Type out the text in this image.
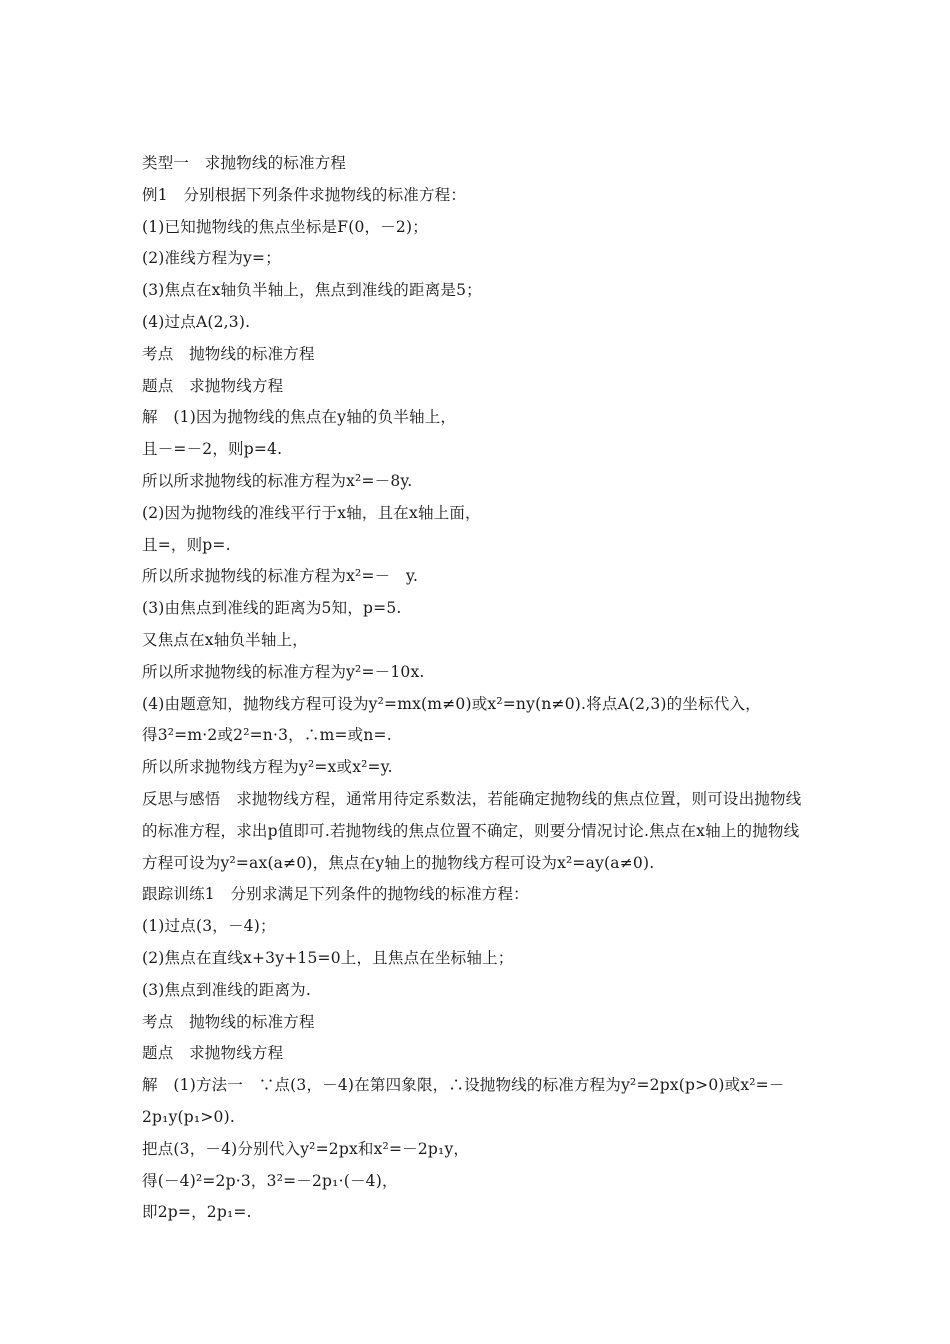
类型一　求抛物线的标准方程
例1　分别根据下列条件求抛物线的标准方程：
(1)已知抛物线的焦点坐标是F(0，－2)；
(2)准线方程为y=；
(3)焦点在x轴负半轴上，焦点到准线的距离是5；
(4)过点A(2,3).
考点　抛物线的标准方程
题点　求抛物线方程
解　(1)因为抛物线的焦点在y轴的负半轴上，
且－=－2，则p=4.
所以所求抛物线的标准方程为x²=－8y.
(2)因为抛物线的准线平行于x轴，且在x轴上面，
且=，则p=.
所以所求抛物线的标准方程为x²=－　y.
(3)由焦点到准线的距离为5知，p=5.
又焦点在x轴负半轴上，
所以所求抛物线的标准方程为y²=－10x.
(4)由题意知，抛物线方程可设为y²=mx(m≠0)或x²=ny(n≠0).将点A(2,3)的坐标代入，
得3²=m·2或2²=n·3，∴m=或n=.
所以所求抛物线方程为y²=x或x²=y.
反思与感悟　求抛物线方程，通常用待定系数法，若能确定抛物线的焦点位置，则可设出抛物线的标准方程，求出p值即可.若抛物线的焦点位置不确定，则要分情况讨论.焦点在x轴上的抛物线方程可设为y²=ax(a≠0)，焦点在y轴上的抛物线方程可设为x²=ay(a≠0).
跟踪训练1　分别求满足下列条件的抛物线的标准方程：
(1)过点(3，－4)；
(2)焦点在直线x+3y+15=0上，且焦点在坐标轴上；
(3)焦点到准线的距离为.
考点　抛物线的标准方程
题点　求抛物线方程
解　(1)方法一　∵点(3，－4)在第四象限，∴设抛物线的标准方程为y²=2px(p>0)或x²=－2p₁y(p₁>0).
把点(3，－4)分别代入y²=2px和x²=－2p₁y，
得(－4)²=2p·3，3²=－2p₁·(－4)，
即2p=，2p₁=.
